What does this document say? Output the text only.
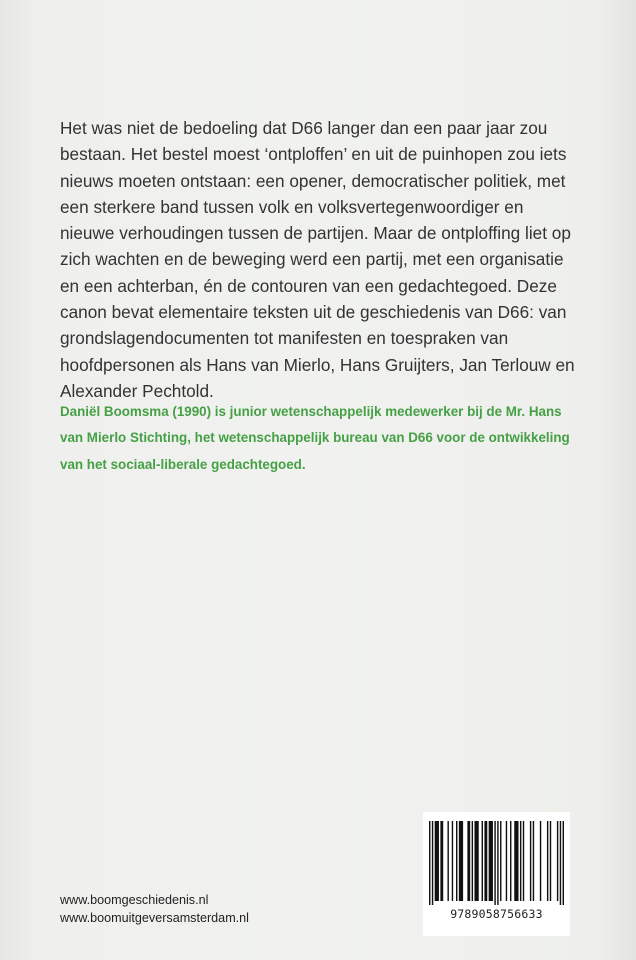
Het was niet de bedoeling dat D66 langer dan een paar jaar zou bestaan. Het bestel moest ‘ontploffen’ en uit de puinhopen zou iets nieuws moeten ontstaan: een opener, democratischer politiek, met een sterkere band tussen volk en volksvertegenwoordiger en nieuwe verhoudingen tussen de partijen. Maar de ontploffing liet op zich wachten en de beweging werd een partij, met een organisatie en een achterban, én de contouren van een gedachtegoed. Deze canon bevat elementaire teksten uit de geschiedenis van D66: van grondslagendocumenten tot manifesten en toespraken van hoofdpersonen als Hans van Mierlo, Hans Gruijters, Jan Terlouw en Alexander Pechtold.

Daniël Boomsma (1990) is junior wetenschappelijk medewerker bij de Mr. Hans van Mierlo Stichting, het wetenschappelijk bureau van D66 voor de ontwikkeling van het sociaal-liberale gedachtegoed.

www.boomgeschiedenis.nl
www.boomuitgeversamsterdam.nl	9789058756633
